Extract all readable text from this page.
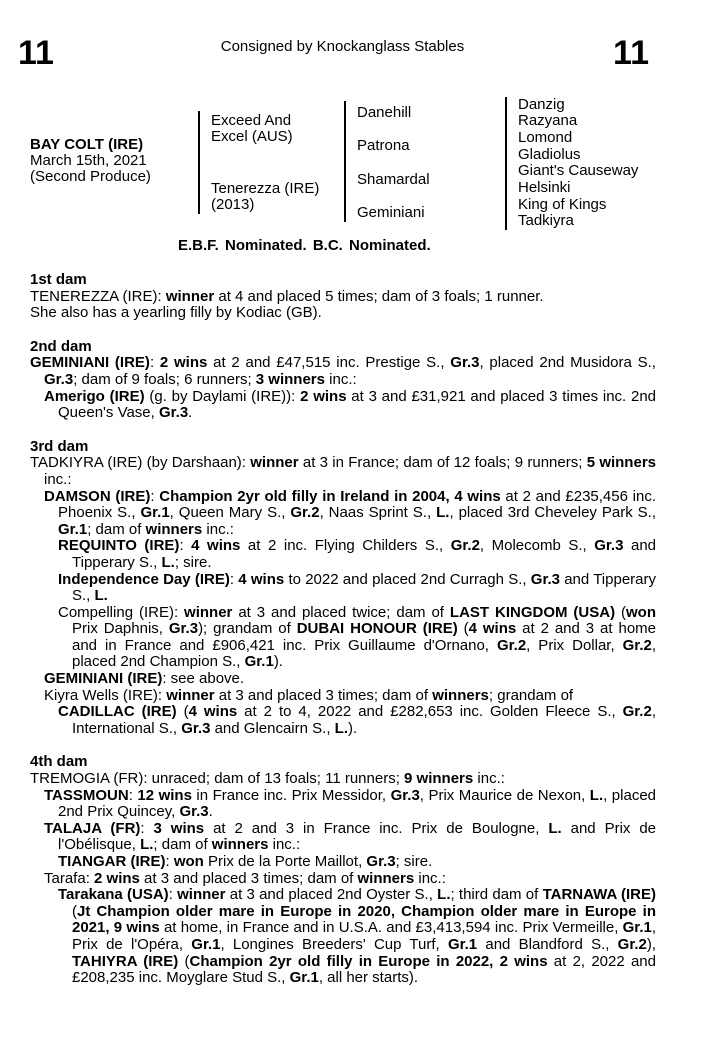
11	Consigned by Knockanglass Stables	11
BAY COLT (IRE)
March 15th, 2021
(Second Produce)
Exceed And Excel (AUS)
Tenerezza (IRE) (2013)
Danehill
Patrona
Shamardal
Geminiani
Danzig
Razyana
Lomond
Gladiolus
Giant's Causeway
Helsinki
King of Kings
Tadkiyra
E.B.F. Nominated. B.C. Nominated.
1st dam
TENEREZZA (IRE): winner at 4 and placed 5 times; dam of 3 foals; 1 runner.
She also has a yearling filly by Kodiac (GB).
2nd dam
GEMINIANI (IRE): 2 wins at 2 and £47,515 inc. Prestige S., Gr.3, placed 2nd Musidora S., Gr.3; dam of 9 foals; 6 runners; 3 winners inc.:
Amerigo (IRE) (g. by Daylami (IRE)): 2 wins at 3 and £31,921 and placed 3 times inc. 2nd Queen's Vase, Gr.3.
3rd dam
TADKIYRA (IRE) (by Darshaan): winner at 3 in France; dam of 12 foals; 9 runners; 5 winners inc.:
DAMSON (IRE): Champion 2yr old filly in Ireland in 2004, 4 wins at 2 and £235,456 inc. Phoenix S., Gr.1, Queen Mary S., Gr.2, Naas Sprint S., L., placed 3rd Cheveley Park S., Gr.1; dam of winners inc.:
REQUINTO (IRE): 4 wins at 2 inc. Flying Childers S., Gr.2, Molecomb S., Gr.3 and Tipperary S., L.; sire.
Independence Day (IRE): 4 wins to 2022 and placed 2nd Curragh S., Gr.3 and Tipperary S., L.
Compelling (IRE): winner at 3 and placed twice; dam of LAST KINGDOM (USA) (won Prix Daphnis, Gr.3); grandam of DUBAI HONOUR (IRE) (4 wins at 2 and 3 at home and in France and £906,421 inc. Prix Guillaume d'Ornano, Gr.2, Prix Dollar, Gr.2, placed 2nd Champion S., Gr.1).
GEMINIANI (IRE): see above.
Kiyra Wells (IRE): winner at 3 and placed 3 times; dam of winners; grandam of
CADILLAC (IRE) (4 wins at 2 to 4, 2022 and £282,653 inc. Golden Fleece S., Gr.2, International S., Gr.3 and Glencairn S., L.).
4th dam
TREMOGIA (FR): unraced; dam of 13 foals; 11 runners; 9 winners inc.:
TASSMOUN: 12 wins in France inc. Prix Messidor, Gr.3, Prix Maurice de Nexon, L., placed 2nd Prix Quincey, Gr.3.
TALAJA (FR): 3 wins at 2 and 3 in France inc. Prix de Boulogne, L. and Prix de l'Obélisque, L.; dam of winners inc.:
TIANGAR (IRE): won Prix de la Porte Maillot, Gr.3; sire.
Tarafa: 2 wins at 3 and placed 3 times; dam of winners inc.:
Tarakana (USA): winner at 3 and placed 2nd Oyster S., L.; third dam of TARNAWA (IRE) (Jt Champion older mare in Europe in 2020, Champion older mare in Europe in 2021, 9 wins at home, in France and in U.S.A. and £3,413,594 inc. Prix Vermeille, Gr.1, Prix de l'Opéra, Gr.1, Longines Breeders' Cup Turf, Gr.1 and Blandford S., Gr.2), TAHIYRA (IRE) (Champion 2yr old filly in Europe in 2022, 2 wins at 2, 2022 and £208,235 inc. Moyglare Stud S., Gr.1, all her starts).
